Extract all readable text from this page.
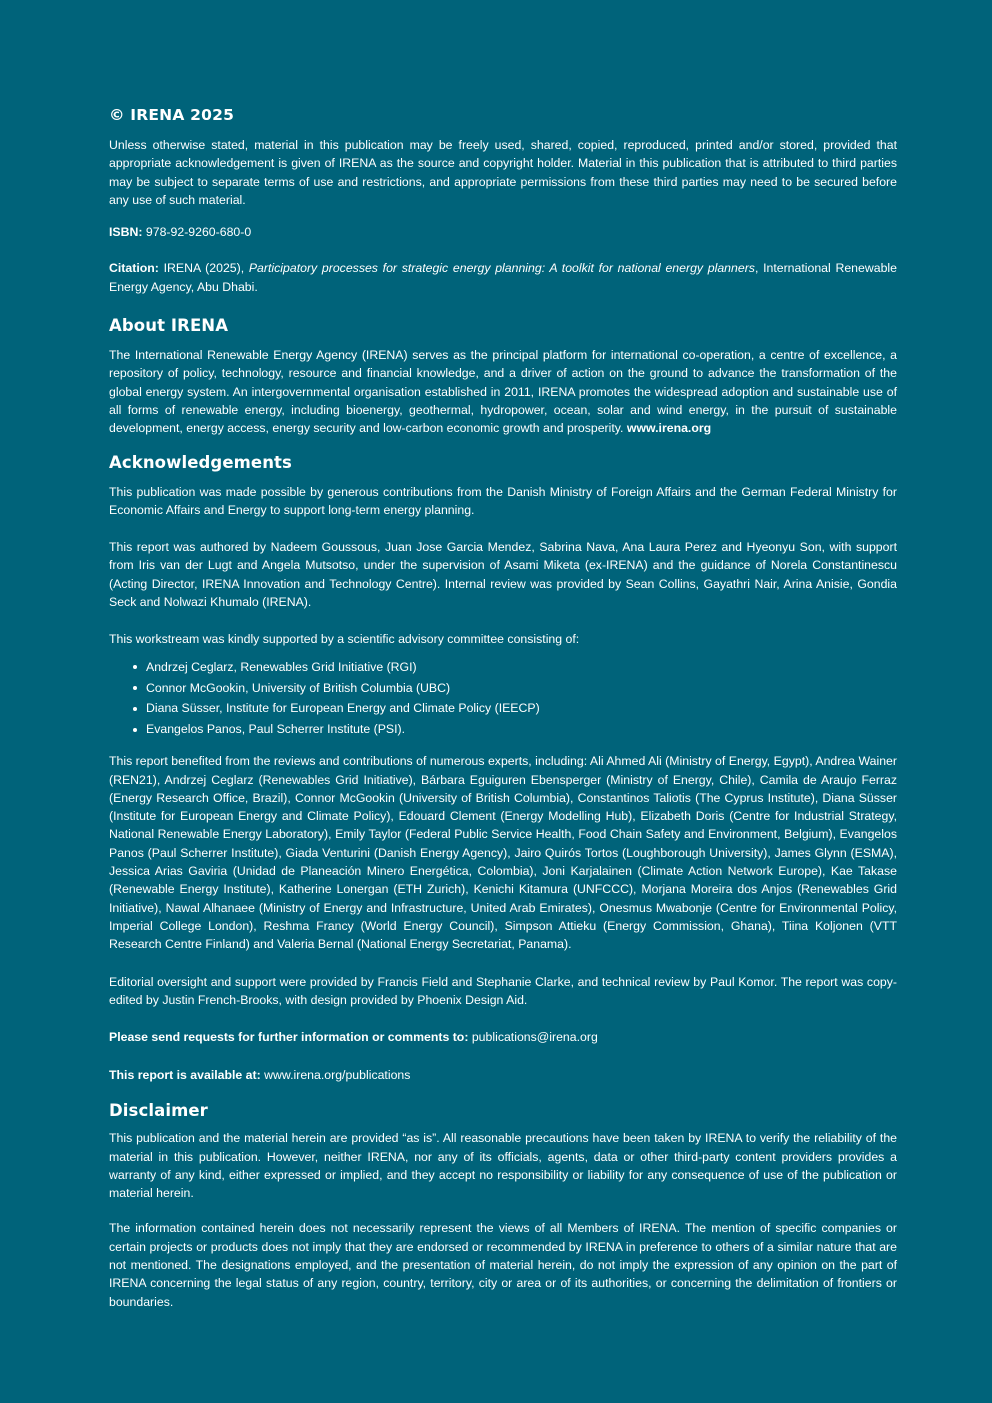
© IRENA 2025

Unless otherwise stated, material in this publication may be freely used, shared, copied, reproduced, printed and/or stored, provided that appropriate acknowledgement is given of IRENA as the source and copyright holder. Material in this publication that is attributed to third parties may be subject to separate terms of use and restrictions, and appropriate permissions from these third parties may need to be secured before any use of such material.

ISBN: 978-92-9260-680-0

Citation: IRENA (2025), Participatory processes for strategic energy planning: A toolkit for national energy planners, International Renewable Energy Agency, Abu Dhabi.

About IRENA

The International Renewable Energy Agency (IRENA) serves as the principal platform for international co-operation, a centre of excellence, a repository of policy, technology, resource and financial knowledge, and a driver of action on the ground to advance the transformation of the global energy system. An intergovernmental organisation established in 2011, IRENA promotes the widespread adoption and sustainable use of all forms of renewable energy, including bioenergy, geothermal, hydropower, ocean, solar and wind energy, in the pursuit of sustainable development, energy access, energy security and low-carbon economic growth and prosperity. www.irena.org

Acknowledgements

This publication was made possible by generous contributions from the Danish Ministry of Foreign Affairs and the German Federal Ministry for Economic Affairs and Energy to support long-term energy planning.

This report was authored by Nadeem Goussous, Juan Jose Garcia Mendez, Sabrina Nava, Ana Laura Perez and Hyeonyu Son, with support from Iris van der Lugt and Angela Mutsotso, under the supervision of Asami Miketa (ex-IRENA) and the guidance of Norela Constantinescu (Acting Director, IRENA Innovation and Technology Centre). Internal review was provided by Sean Collins, Gayathri Nair, Arina Anisie, Gondia Seck and Nolwazi Khumalo (IRENA).

This workstream was kindly supported by a scientific advisory committee consisting of:

Andrzej Ceglarz, Renewables Grid Initiative (RGI)
Connor McGookin, University of British Columbia (UBC)
Diana Süsser, Institute for European Energy and Climate Policy (IEECP)
Evangelos Panos, Paul Scherrer Institute (PSI).

This report benefited from the reviews and contributions of numerous experts, including: Ali Ahmed Ali (Ministry of Energy, Egypt), Andrea Wainer (REN21), Andrzej Ceglarz (Renewables Grid Initiative), Bárbara Eguiguren Ebensperger (Ministry of Energy, Chile), Camila de Araujo Ferraz (Energy Research Office, Brazil), Connor McGookin (University of British Columbia), Constantinos Taliotis (The Cyprus Institute), Diana Süsser (Institute for European Energy and Climate Policy), Edouard Clement (Energy Modelling Hub), Elizabeth Doris (Centre for Industrial Strategy, National Renewable Energy Laboratory), Emily Taylor (Federal Public Service Health, Food Chain Safety and Environment, Belgium), Evangelos Panos (Paul Scherrer Institute), Giada Venturini (Danish Energy Agency), Jairo Quirós Tortos (Loughborough University), James Glynn (ESMA), Jessica Arias Gaviria (Unidad de Planeación Minero Energética, Colombia), Joni Karjalainen (Climate Action Network Europe), Kae Takase (Renewable Energy Institute), Katherine Lonergan (ETH Zurich), Kenichi Kitamura (UNFCCC), Morjana Moreira dos Anjos (Renewables Grid Initiative), Nawal Alhanaee (Ministry of Energy and Infrastructure, United Arab Emirates), Onesmus Mwabonje (Centre for Environmental Policy, Imperial College London), Reshma Francy (World Energy Council), Simpson Attieku (Energy Commission, Ghana), Tiina Koljonen (VTT Research Centre Finland) and Valeria Bernal (National Energy Secretariat, Panama).

Editorial oversight and support were provided by Francis Field and Stephanie Clarke, and technical review by Paul Komor. The report was copy-edited by Justin French-Brooks, with design provided by Phoenix Design Aid.

Please send requests for further information or comments to: publications@irena.org

This report is available at: www.irena.org/publications

Disclaimer

This publication and the material herein are provided “as is”. All reasonable precautions have been taken by IRENA to verify the reliability of the material in this publication. However, neither IRENA, nor any of its officials, agents, data or other third-party content providers provides a warranty of any kind, either expressed or implied, and they accept no responsibility or liability for any consequence of use of the publication or material herein.

The information contained herein does not necessarily represent the views of all Members of IRENA. The mention of specific companies or certain projects or products does not imply that they are endorsed or recommended by IRENA in preference to others of a similar nature that are not mentioned. The designations employed, and the presentation of material herein, do not imply the expression of any opinion on the part of IRENA concerning the legal status of any region, country, territory, city or area or of its authorities, or concerning the delimitation of frontiers or boundaries.
